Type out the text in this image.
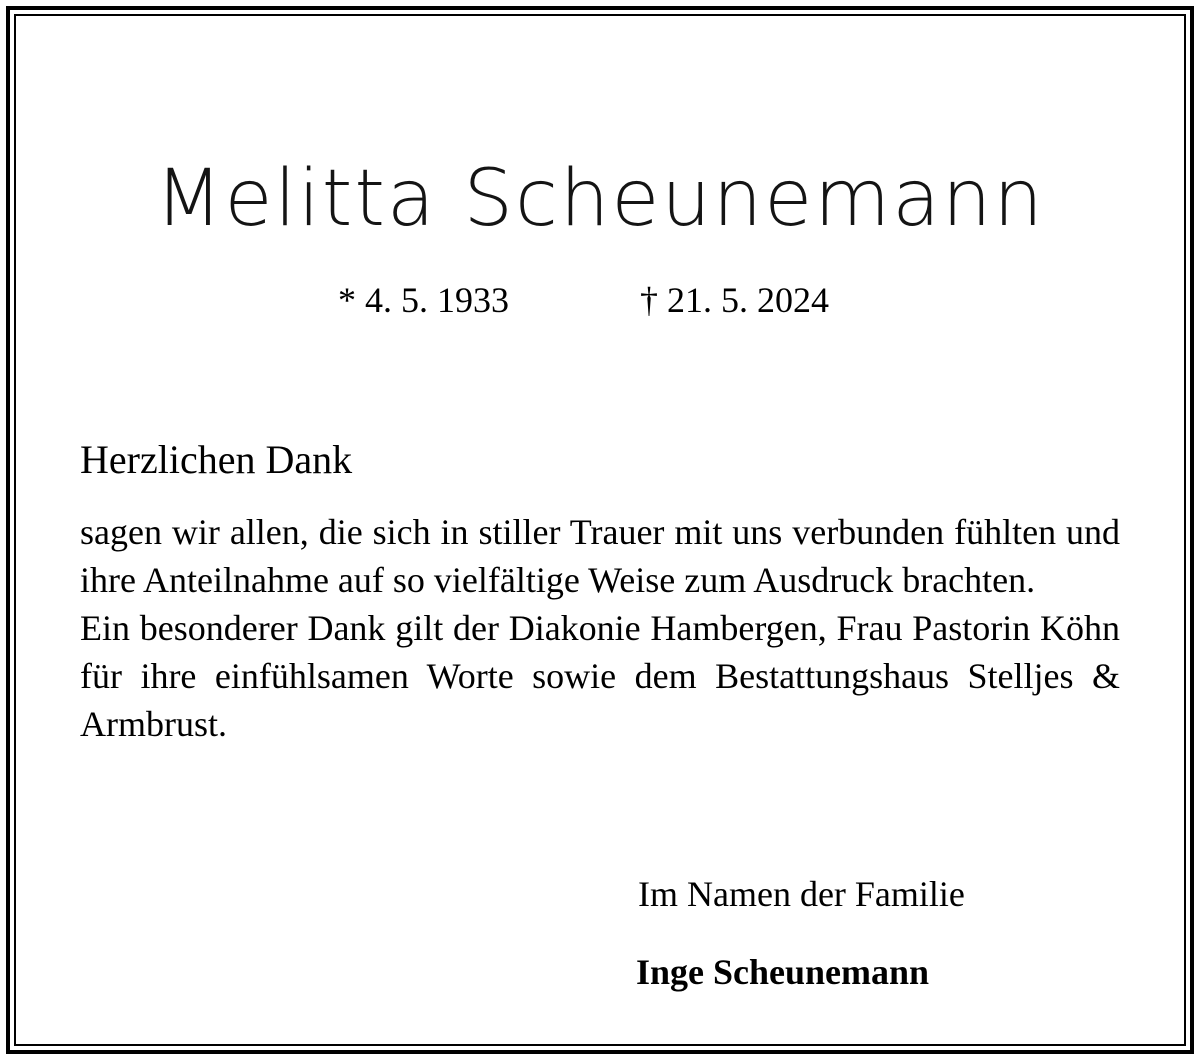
Melitta Scheunemann
* 4. 5. 1933	† 21. 5. 2024
Herzlichen Dank

sagen wir allen, die sich in stiller Trauer mit uns verbunden fühlten und ihre Anteilnahme auf so vielfältige Weise zum Ausdruck brachten.

Ein besonderer Dank gilt der Diakonie Hambergen, Frau Pastorin Köhn für ihre einfühlsamen Worte sowie dem Bestattungshaus Stelljes & Armbrust.

Im Namen der Familie
Inge Scheunemann
